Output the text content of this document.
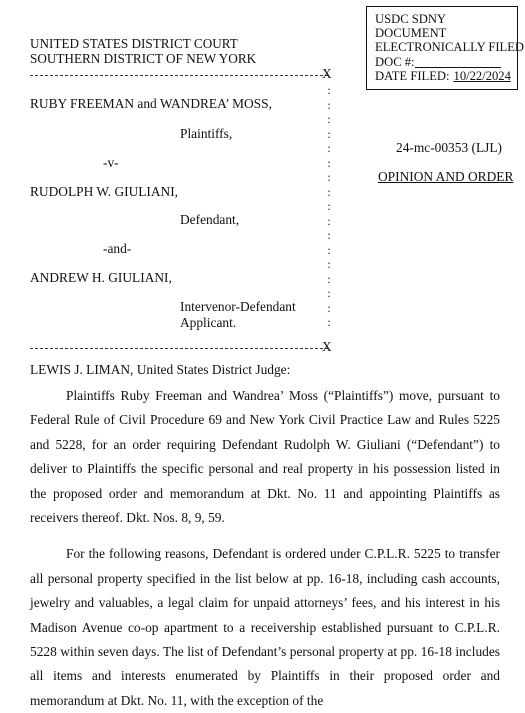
USDC SDNY
DOCUMENT
ELECTRONICALLY FILED
DOC #:
DATE FILED: 10/22/2024
UNITED STATES DISTRICT COURT
SOUTHERN DISTRICT OF NEW YORK
X
:
:
:
:
:
:
:
:
:
:
:
:
:
:
:
:
:
RUBY FREEMAN and WANDREA’ MOSS,
Plaintiffs,
-v-
RUDOLPH W. GIULIANI,
Defendant,
-and-
ANDREW H. GIULIANI,
Intervenor-Defendant
Applicant.
X
24-mc-00353 (LJL)
OPINION AND ORDER
LEWIS J. LIMAN, United States District Judge:

Plaintiffs Ruby Freeman and Wandrea’ Moss (“Plaintiffs”) move, pursuant to Federal Rule of Civil Procedure 69 and New York Civil Practice Law and Rules 5225 and 5228, for an order requiring Defendant Rudolph W. Giuliani (“Defendant”) to deliver to Plaintiffs the specific personal and real property in his possession listed in the proposed order and memorandum at Dkt. No. 11 and appointing Plaintiffs as receivers thereof. Dkt. Nos. 8, 9, 59.

For the following reasons, Defendant is ordered under C.P.L.R. 5225 to transfer all personal property specified in the list below at pp. 16-18, including cash accounts, jewelry and valuables, a legal claim for unpaid attorneys’ fees, and his interest in his Madison Avenue co-op apartment to a receivership established pursuant to C.P.L.R. 5228 within seven days. The list of Defendant’s personal property at pp. 16-18 includes all items and interests enumerated by Plaintiffs in their proposed order and memorandum at Dkt. No. 11, with the exception of the
